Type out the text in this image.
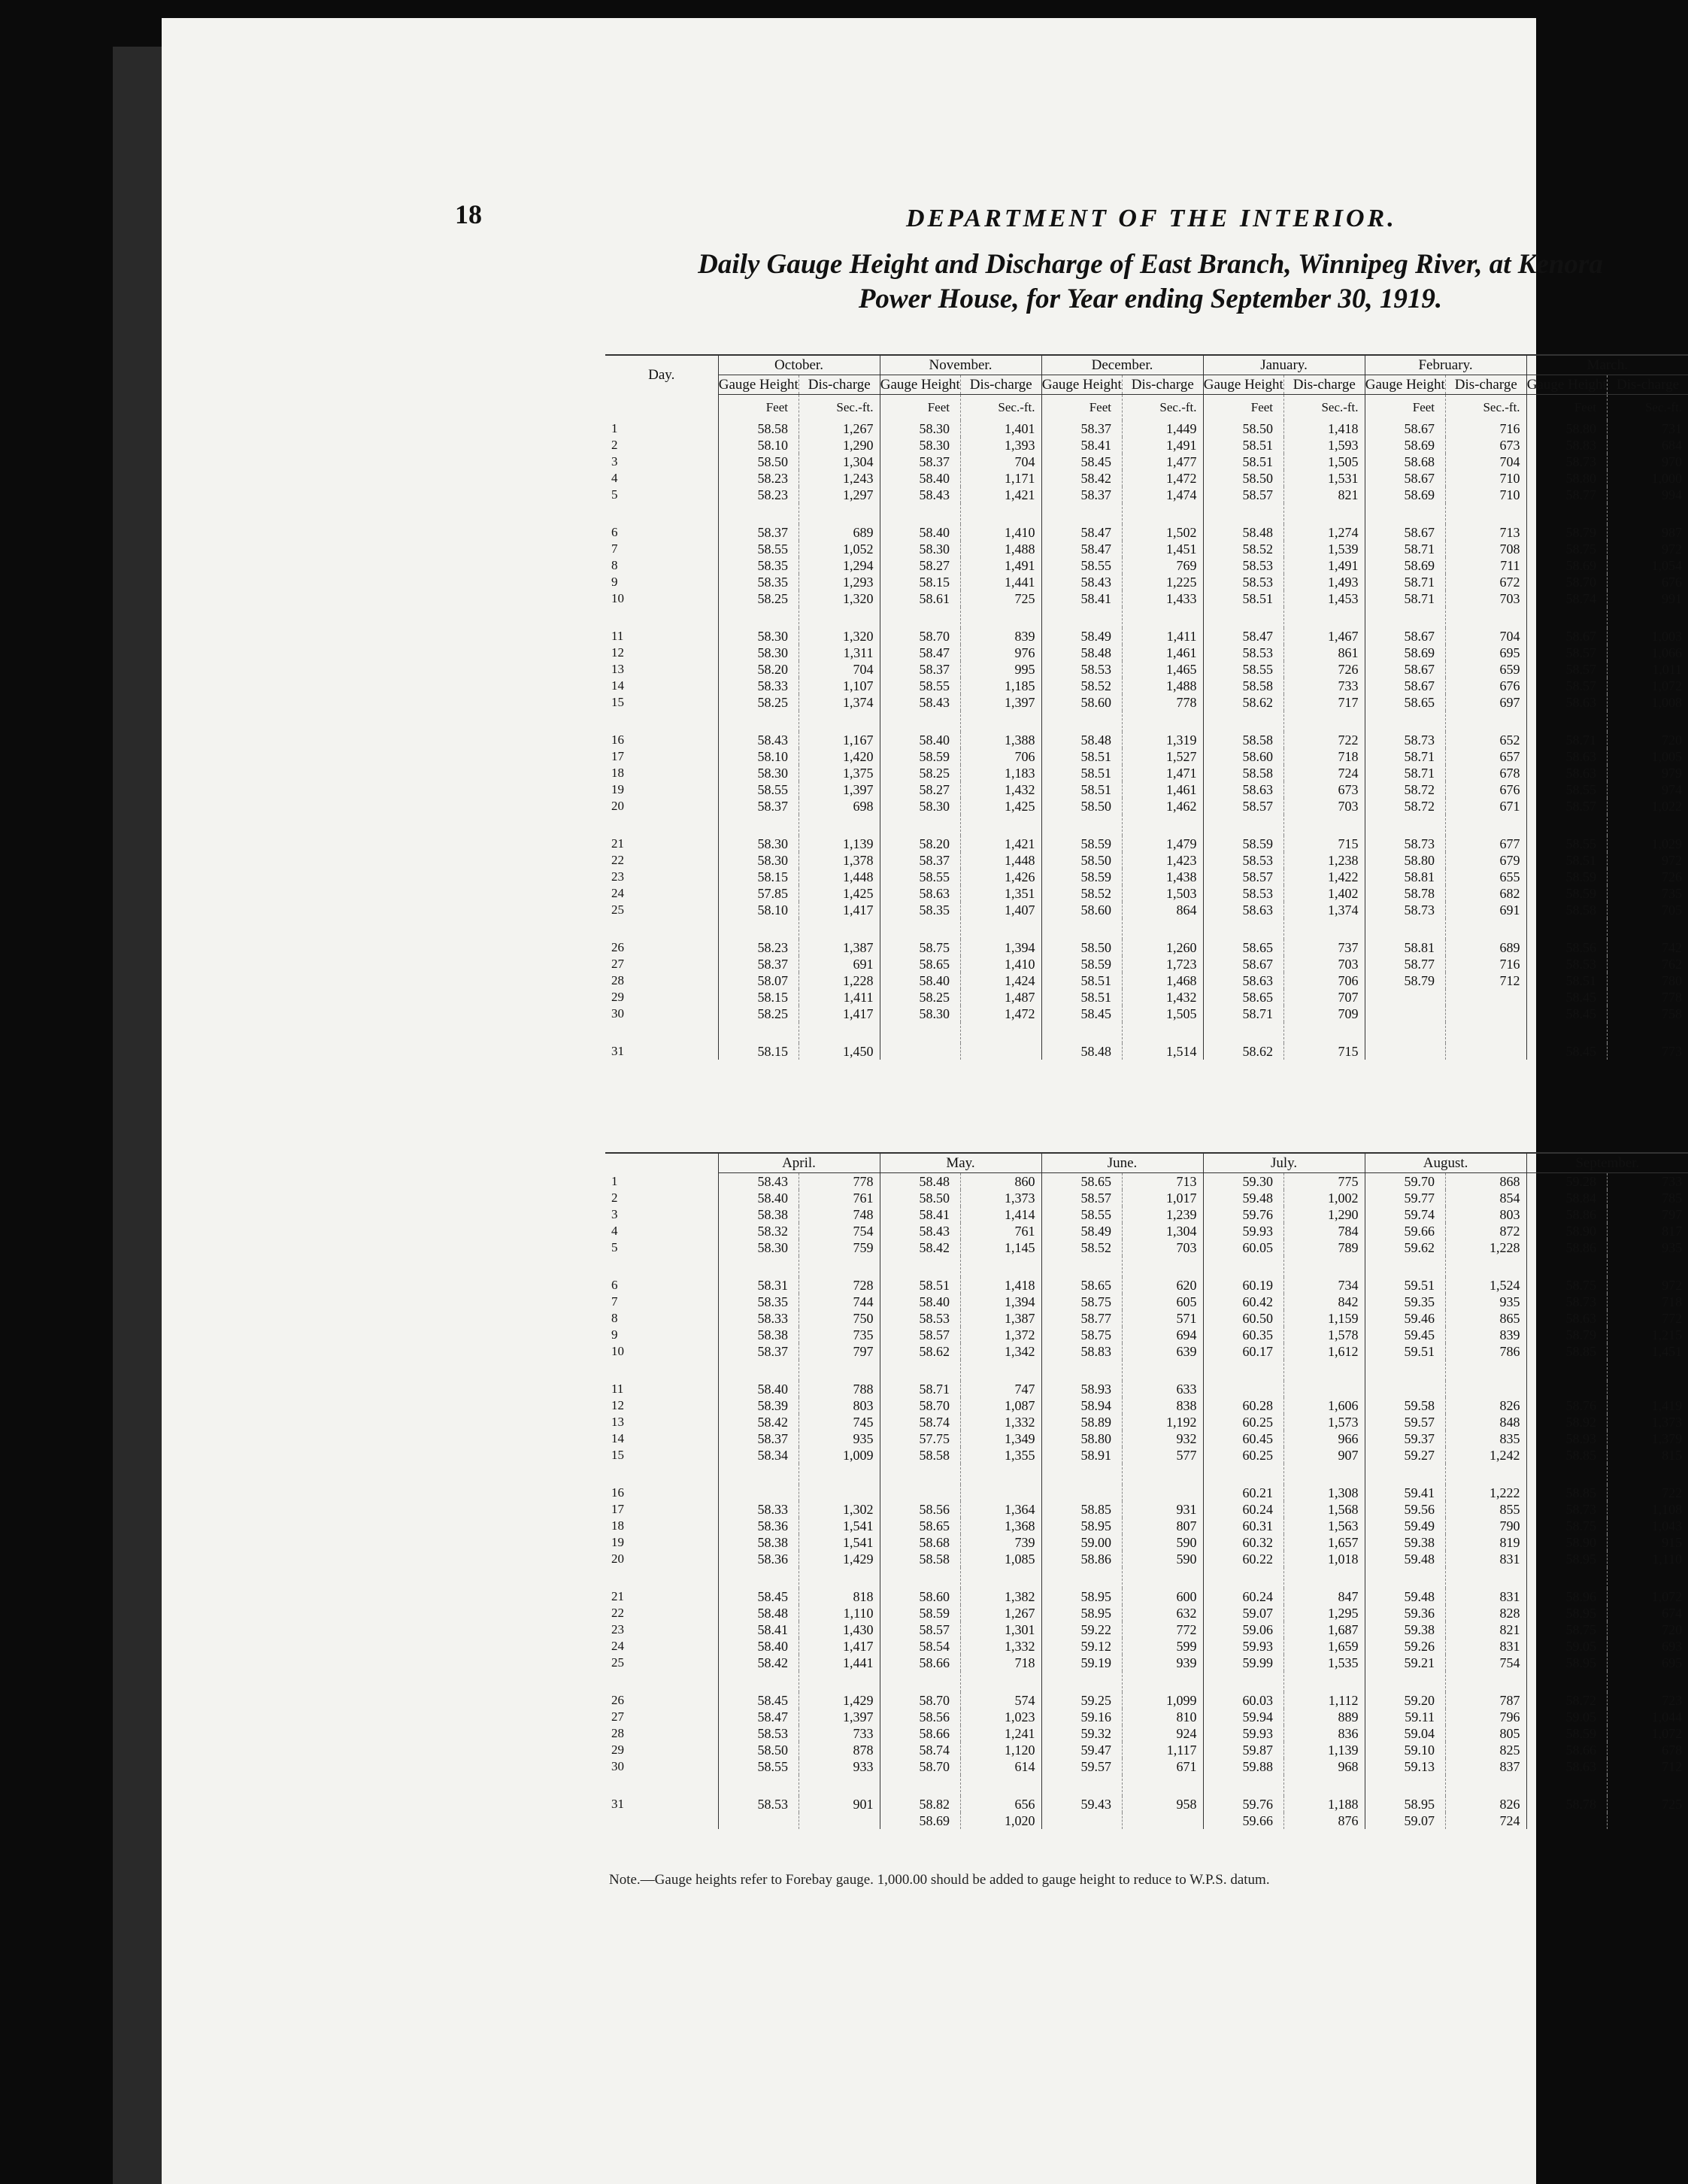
18	DEPARTMENT OF THE INTERIOR.
Daily Gauge Height and Discharge of East Branch, Winnipeg River, at Kenora
Power House, for Year ending September 30, 1919.
Day.	October.		November.		December.		January.		February.		March.	
	Gauge Height	Dis-charge	Gauge Height	Dis-charge	Gauge Height	Dis-charge	Gauge Height	Dis-charge	Gauge Height	Dis-charge	Gauge Height	Dis-charge
	Feet	Sec.-ft.	Feet	Sec.-ft.	Feet	Sec.-ft.	Feet	Sec.-ft.	Feet	Sec.-ft.	Feet	Sec.-ft.
1	58.58	1,267	58.30	1,401	58.37	1,449	58.50	1,418	58.67	716	58.80	731
2	58.10	1,290	58.30	1,393	58.41	1,491	58.51	1,593	58.69	673	58.83	684
3	58.50	1,304	58.37	704	58.45	1,477	58.51	1,505	58.68	704	58.73	970
4	58.23	1,243	58.40	1,171	58.42	1,472	58.50	1,531	58.67	710	58.80	1,000
5	58.23	1,297	58.43	1,421	58.37	1,474	58.57	821	58.69	710	58.77	994

6	58.37	689	58.40	1,410	58.47	1,502	58.48	1,274	58.67	713	58.79	987
7	58.55	1,052	58.30	1,488	58.47	1,451	58.52	1,539	58.71	708	58.75	972
8	58.35	1,294	58.27	1,491	58.55	769	58.53	1,491	58.69	711	58.69	1,054
9	58.35	1,293	58.15	1,441	58.43	1,225	58.53	1,493	58.71	672	58.70	676
10	58.25	1,320	58.61	725	58.41	1,433	58.51	1,453	58.71	703	58.74	991

11	58.30	1,320	58.70	839	58.49	1,411	58.47	1,467	58.67	704	58.67	1,003
12	58.30	1,311	58.47	976	58.48	1,461	58.53	861	58.69	695	58.57	1,066
13	58.20	704	58.37	995	58.53	1,465	58.55	726	58.67	659	58.57	1,011
14	58.33	1,107	58.55	1,185	58.52	1,488	58.58	733	58.67	676	58.57	1,072
15	58.25	1,374	58.43	1,397	58.60	778	58.62	717	58.65	697	58.63	1,008

16	58.43	1,167	58.40	1,388	58.48	1,319	58.58	722	58.73	652	58.71	720
17	58.10	1,420	58.59	706	58.51	1,527	58.60	718	58.71	657	58.63	1,005
18	58.30	1,375	58.25	1,183	58.51	1,471	58.58	724	58.71	678	58.63	979
19	58.55	1,397	58.27	1,432	58.51	1,461	58.63	673	58.72	676	58.55	974
20	58.37	698	58.30	1,425	58.50	1,462	58.57	703	58.72	671	58.57	1,022

21	58.30	1,139	58.20	1,421	58.59	1,479	58.59	715	58.73	677	58.55	1,029
22	58.30	1,378	58.37	1,448	58.50	1,423	58.53	1,238	58.80	679	58.51	972
23	58.15	1,448	58.55	1,426	58.59	1,438	58.57	1,422	58.81	655	58.59	726
24	57.85	1,425	58.63	1,351	58.52	1,503	58.53	1,402	58.78	682	58.59	735
25	58.10	1,417	58.35	1,407	58.60	864	58.63	1,374	58.73	691	58.58	705

26	58.23	1,387	58.75	1,394	58.50	1,260	58.65	737	58.81	689	58.56	742
27	58.37	691	58.65	1,410	58.59	1,723	58.67	703	58.77	716	58.53	762
28	58.07	1,228	58.40	1,424	58.51	1,468	58.63	706	58.79	712	58.51	780
29	58.15	1,411	58.25	1,487	58.51	1,432	58.65	707			58.45	778
30	58.25	1,417	58.30	1,472	58.45	1,505	58.71	709			58.45	758

31	58.15	1,450			58.48	1,514	58.62	715			58.45	773
	April.		May.		June.		July.		August.		September.	
1	58.43	778	58.48	860	58.65	713	59.30	775	59.70	868	59.28	733
2	58.40	761	58.50	1,373	58.57	1,017	59.48	1,002	59.77	854	58.84	785
3	58.38	748	58.41	1,414	58.55	1,239	59.76	1,290	59.74	803	58.86	797
4	58.32	754	58.43	761	58.49	1,304	59.93	784	59.66	872	58.90	817
5	58.30	759	58.42	1,145	58.52	703	60.05	789	59.62	1,228	58.86	935

6	58.31	728	58.51	1,418	58.65	620	60.19	734	59.51	1,524	58.75	972
7	58.35	744	58.40	1,394	58.75	605	60.42	842	59.35	935	58.73	718
8	58.33	750	58.53	1,387	58.77	571	60.50	1,159	59.46	865	58.63	772
9	58.38	735	58.57	1,372	58.75	694	60.35	1,578	59.45	839	58.79	1,215
10	58.37	797	58.62	1,342	58.83	639	60.17	1,612	59.51	786	58.85	1,451

11	58.40	788	58.71	747	58.93	633						
12	58.39	803	58.70	1,087	58.94	838	60.28	1,606	59.58	826	58.76	1,419
13	58.42	745	58.74	1,332	58.89	1,192	60.25	1,573	59.57	848	58.92	1,373
14	58.37	935	57.75	1,349	58.80	932	60.45	966	59.37	835	58.93	1,379
15	58.34	1,009	58.58	1,355	58.91	577	60.25	907	59.27	1,242	58.85	815

16							60.21	1,308	59.41	1,222	58.85	722
17	58.33	1,302	58.56	1,364	58.85	931	60.24	1,568	59.56	855	58.73	1,108
18	58.36	1,541	58.65	1,368	58.95	807	60.31	1,563	59.49	790	58.75	1,043
19	58.38	1,541	58.68	739	59.00	590	60.32	1,657	59.38	819	58.90	915
20	58.36	1,429	58.58	1,085	58.86	590	60.22	1,018	59.48	831	58.95	1,110

21	58.45	818	58.60	1,382	58.95	600	60.24	847	59.48	831	58.96	1,072
22	58.48	1,110	58.59	1,267	58.95	632	59.07	1,295	59.36	828	58.95	674
23	58.41	1,430	58.57	1,301	59.22	772	59.06	1,687	59.38	821	58.75	720
24	58.40	1,417	58.54	1,332	59.12	599	59.93	1,659	59.26	831	59.05	693
25	58.42	1,441	58.66	718	59.19	939	59.99	1,535	59.21	754	58.95	695

26	58.45	1,429	58.70	574	59.25	1,099	60.03	1,112	59.20	787	58.72	723
27	58.47	1,397	58.56	1,023	59.16	810	59.94	889	59.11	796	59.05	1,044
28	58.53	733	58.66	1,241	59.32	924	59.93	836	59.04	805	58.59	1,072
29	58.50	878	58.74	1,120	59.47	1,117	59.87	1,139	59.10	825	58.66	678
30	58.55	933	58.70	614	59.57	671	59.88	968	59.13	837	58.63	712

31	58.53	901	58.82	656	59.43	958	59.76	1,188	58.95	826	58.78	725
			58.69	1,020			59.66	876	59.07	724		
Note.—Gauge heights refer to Forebay gauge. 1,000.00 should be added to gauge height to reduce to W.P.S. datum.
